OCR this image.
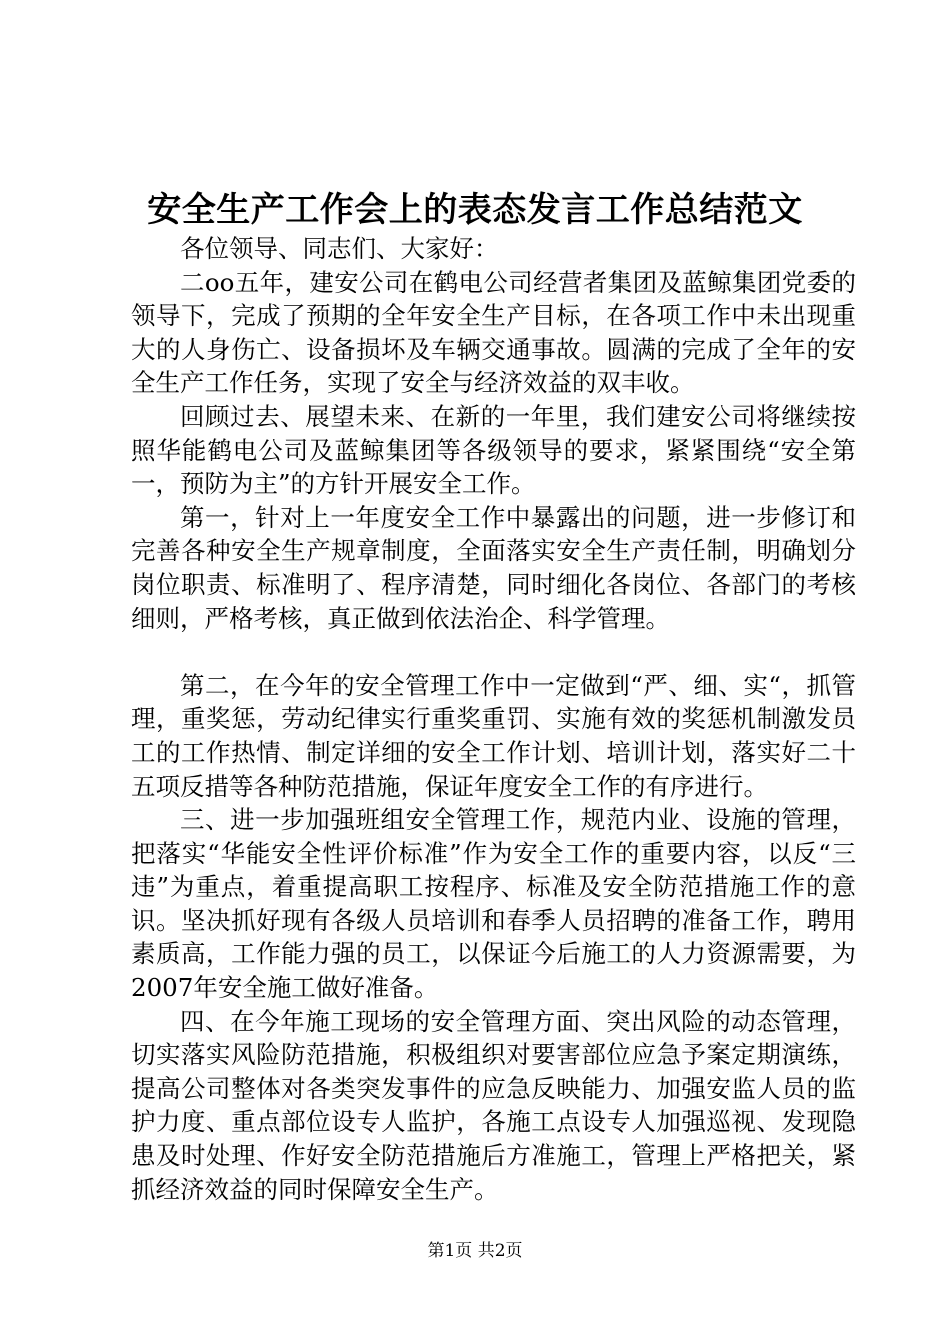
安全生产工作会上的表态发言工作总结范文

各位领导、同志们、大家好：

二oo五年，建安公司在鹤电公司经营者集团及蓝鲸集团党委的领导下，完成了预期的全年安全生产目标，在各项工作中未出现重大的人身伤亡、设备损坏及车辆交通事故。圆满的完成了全年的安全生产工作任务，实现了安全与经济效益的双丰收。

回顾过去、展望未来、在新的一年里，我们建安公司将继续按照华能鹤电公司及蓝鲸集团等各级领导的要求，紧紧围绕“安全第一，预防为主”的方针开展安全工作。

第一，针对上一年度安全工作中暴露出的问题，进一步修订和完善各种安全生产规章制度，全面落实安全生产责任制，明确划分岗位职责、标准明了、程序清楚，同时细化各岗位、各部门的考核细则，严格考核，真正做到依法治企、科学管理。

第二，在今年的安全管理工作中一定做到“严、细、实“，抓管理，重奖惩，劳动纪律实行重奖重罚、实施有效的奖惩机制激发员工的工作热情、制定详细的安全工作计划、培训计划，落实好二十五项反措等各种防范措施，保证年度安全工作的有序进行。

三、进一步加强班组安全管理工作，规范内业、设施的管理，把落实“华能安全性评价标准”作为安全工作的重要内容，以反“三违”为重点，着重提高职工按程序、标准及安全防范措施工作的意识。坚决抓好现有各级人员培训和春季人员招聘的准备工作，聘用素质高，工作能力强的员工，以保证今后施工的人力资源需要，为2007年安全施工做好准备。

四、在今年施工现场的安全管理方面、突出风险的动态管理，切实落实风险防范措施，积极组织对要害部位应急予案定期演练，提高公司整体对各类突发事件的应急反映能力、加强安监人员的监护力度、重点部位设专人监护，各施工点设专人加强巡视、发现隐患及时处理、作好安全防范措施后方准施工，管理上严格把关，紧抓经济效益的同时保障安全生产。

第1页 共2页
